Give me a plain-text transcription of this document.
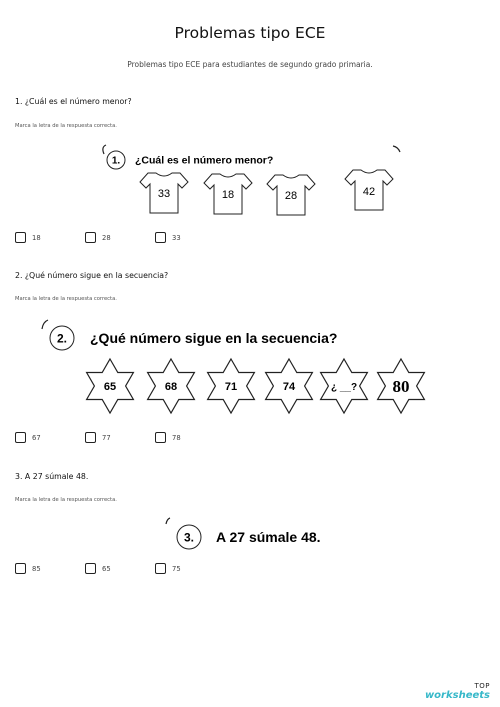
Problemas tipo ECE
Problemas tipo ECE para estudiantes de segundo grado primaria.
1. ¿Cuál es el número menor?
Marca la letra de la respuesta correcta.
1. ¿Cuál es el número menor?
33	18	28	42
18	28	33
2. ¿Qué número sigue en la secuencia?
Marca la letra de la respuesta correcta.
2. ¿Qué número sigue en la secuencia?
65	68	71	74	¿ __? 80
67	77	78
3. A 27 súmale 48.
Marca la letra de la respuesta correcta.
3. A 27 súmale 48.
85	65	75
TOP
worksheets
